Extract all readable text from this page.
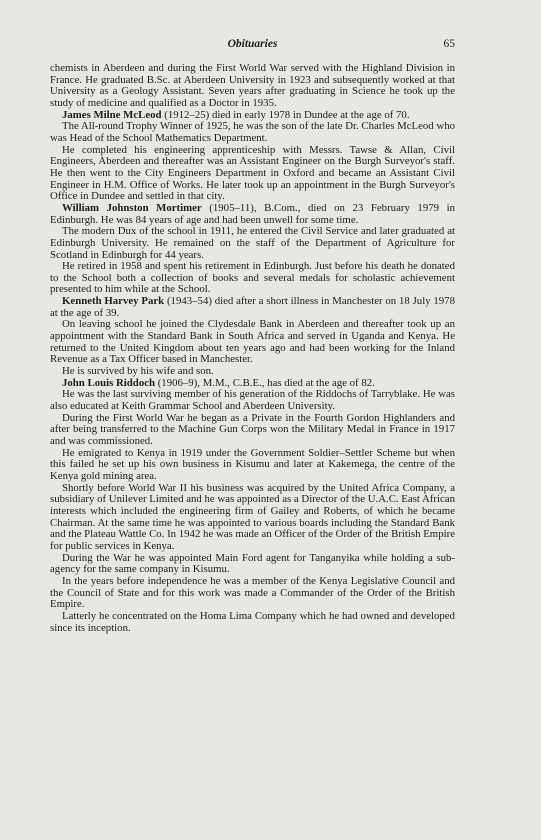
Obituaries	65

chemists in Aberdeen and during the First World War served with the Highland Division in France. He graduated B.Sc. at Aberdeen University in 1923 and subsequently worked at that University as a Geology Assistant. Seven years after graduating in Science he took up the study of medicine and qualified as a Doctor in 1935.

James Milne McLeod (1912–25) died in early 1978 in Dundee at the age of 70.

The All-round Trophy Winner of 1925, he was the son of the late Dr. Charles McLeod who was Head of the School Mathematics Department.

He completed his engineering apprenticeship with Messrs. Tawse & Allan, Civil Engineers, Aberdeen and thereafter was an Assistant Engineer on the Burgh Surveyor's staff. He then went to the City Engineers Department in Oxford and became an Assistant Civil Engineer in H.M. Office of Works. He later took up an appointment in the Burgh Surveyor's Office in Dundee and settled in that city.

William Johnston Mortimer (1905–11), B.Com., died on 23 February 1979 in Edinburgh. He was 84 years of age and had been unwell for some time.

The modern Dux of the school in 1911, he entered the Civil Service and later graduated at Edinburgh University. He remained on the staff of the Department of Agriculture for Scotland in Edinburgh for 44 years.

He retired in 1958 and spent his retirement in Edinburgh. Just before his death he donated to the School both a collection of books and several medals for scholastic achievement presented to him while at the School.

Kenneth Harvey Park (1943–54) died after a short illness in Manchester on 18 July 1978 at the age of 39.

On leaving school he joined the Clydesdale Bank in Aberdeen and thereafter took up an appointment with the Standard Bank in South Africa and served in Uganda and Kenya. He returned to the United Kingdom about ten years ago and had been working for the Inland Revenue as a Tax Officer based in Manchester.

He is survived by his wife and son.

John Louis Riddoch (1906–9), M.M., C.B.E., has died at the age of 82.

He was the last surviving member of his generation of the Riddochs of Tarryblake. He was also educated at Keith Grammar School and Aberdeen University.

During the First World War he began as a Private in the Fourth Gordon Highlanders and after being transferred to the Machine Gun Corps won the Military Medal in France in 1917 and was commissioned.

He emigrated to Kenya in 1919 under the Government Soldier–Settler Scheme but when this failed he set up his own business in Kisumu and later at Kakemega, the centre of the Kenya gold mining area.

Shortly before World War II his business was acquired by the United Africa Company, a subsidiary of Unilever Limited and he was appointed as a Director of the U.A.C. East African interests which included the engineering firm of Gailey and Roberts, of which he became Chairman. At the same time he was appointed to various boards including the Standard Bank and the Plateau Wattle Co. In 1942 he was made an Officer of the Order of the British Empire for public services in Kenya.

During the War he was appointed Main Ford agent for Tanganyika while holding a sub-agency for the same company in Kisumu.

In the years before independence he was a member of the Kenya Legislative Council and the Council of State and for this work was made a Commander of the Order of the British Empire.

Latterly he concentrated on the Homa Lima Company which he had owned and developed since its inception.
